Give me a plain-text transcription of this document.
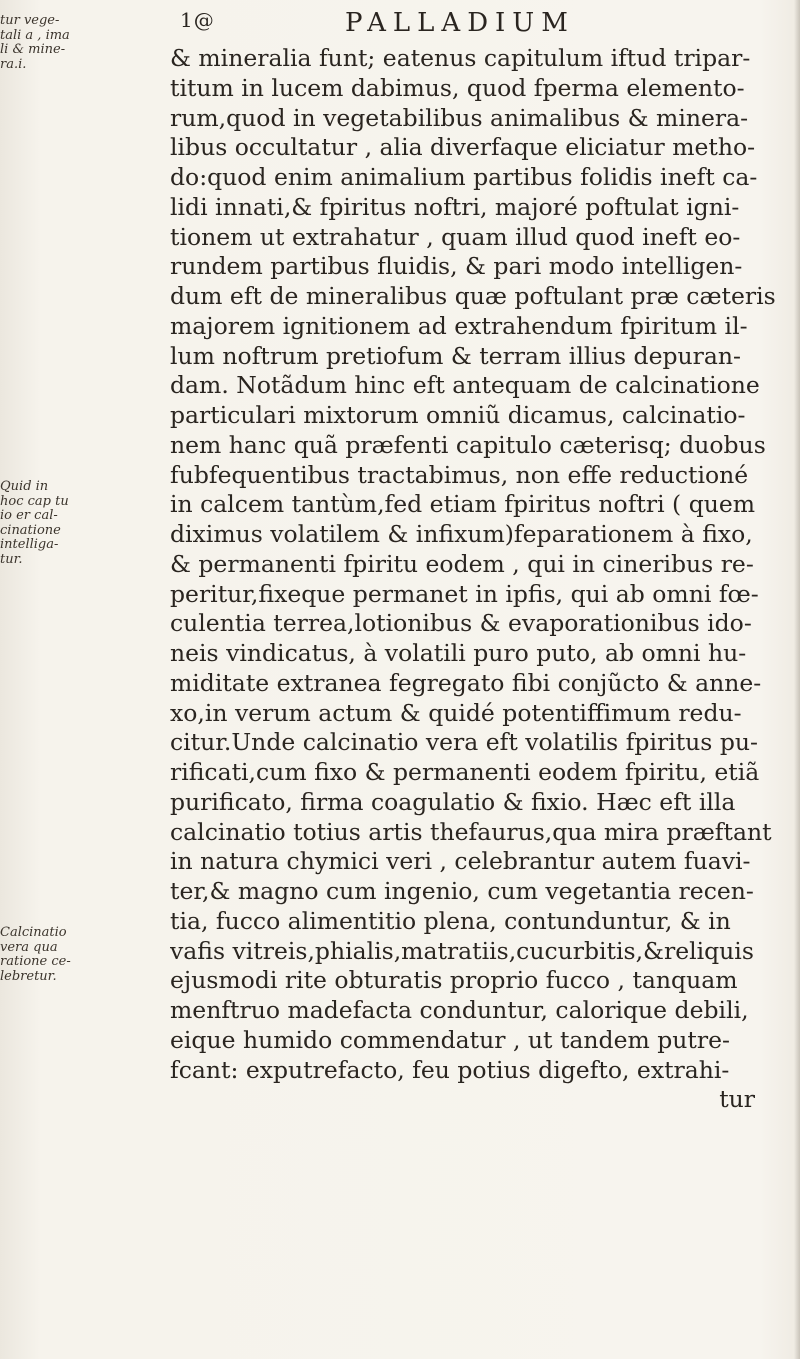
1@	PALLADIUM
tur vege-
tali a , ima
li & mine-
ra.i.
Quid in
hoc cap tu
io er cal-
cinatione
intelliga-
tur.
Calcinatio
vera qua
ratione ce-
lebretur.
& mineralia funt; eatenus capitulum iftud tripar-
titum in lucem dabimus, quod fperma elemento-
rum,quod in vegetabilibus animalibus & minera-
libus occultatur , alia diverfaque eliciatur metho-
do:quod enim animalium partibus folidis ineft ca-
lidi innati,& fpiritus noftri, majoré poftulat igni-
tionem ut extrahatur , quam illud quod ineft eo-
rundem partibus fluidis, & pari modo intelligen-
dum eft de mineralibus quæ poftulant præ cæteris
majorem ignitionem ad extrahendum fpiritum il-
lum noftrum pretiofum & terram illius depuran-
dam. Notãdum hinc eft antequam de calcinatione
particulari mixtorum omniũ dicamus, calcinatio-
nem hanc quã præfenti capitulo cæterisq; duobus
fubfequentibus tractabimus, non effe reductioné
in calcem tantùm,fed etiam fpiritus noftri ( quem
diximus volatilem & infixum)feparationem à fixo,
& permanenti fpiritu eodem , qui in cineribus re-
peritur,fixeque permanet in ipfis, qui ab omni fœ-
culentia terrea,lotionibus & evaporationibus ido-
neis vindicatus, à volatili puro puto, ab omni hu-
miditate extranea fegregato fibi conjũcto & anne-
xo,in verum actum & quidé potentiffimum redu-
citur.Unde calcinatio vera eft volatilis fpiritus pu-
rificati,cum fixo & permanenti eodem fpiritu, etiã
purificato, firma coagulatio & fixio. Hæc eft illa
calcinatio totius artis thefaurus,qua mira præftant
in natura chymici veri , celebrantur autem fuavi-
ter,& magno cum ingenio, cum vegetantia recen-
tia, fucco alimentitio plena, contunduntur, & in
vafis vitreis,phialis,matratiis,cucurbitis,&reliquis
ejusmodi rite obturatis proprio fucco , tanquam
menftruo madefacta conduntur, calorique debili,
eique humido commendatur , ut tandem putre-
fcant: exputrefacto, feu potius digefto, extrahi-
tur
